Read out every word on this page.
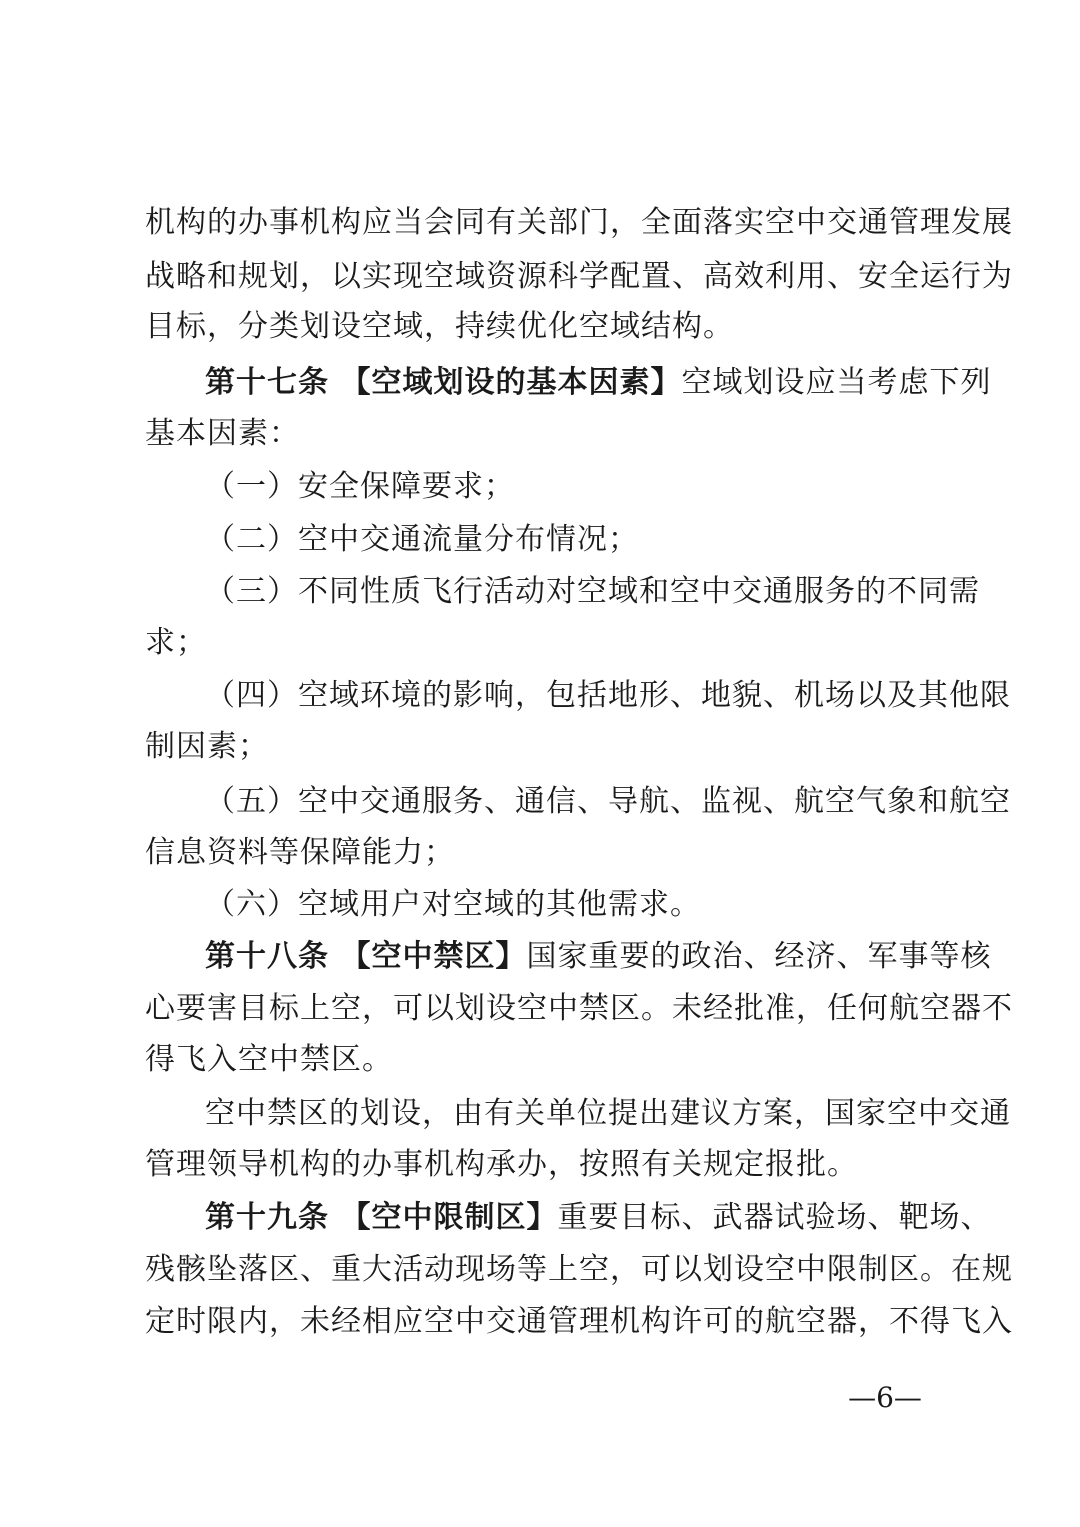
机构的办事机构应当会同有关部门，全面落实空中交通管理发展
战略和规划，以实现空域资源科学配置、高效利用、安全运行为
目标，分类划设空域，持续优化空域结构。
第十七条 【空域划设的基本因素】空域划设应当考虑下列
基本因素：
（一）安全保障要求；
（二）空中交通流量分布情况；
（三）不同性质飞行活动对空域和空中交通服务的不同需
求；
（四）空域环境的影响，包括地形、地貌、机场以及其他限
制因素；
（五）空中交通服务、通信、导航、监视、航空气象和航空
信息资料等保障能力；
（六）空域用户对空域的其他需求。
第十八条 【空中禁区】国家重要的政治、经济、军事等核
心要害目标上空，可以划设空中禁区。未经批准，任何航空器不
得飞入空中禁区。
空中禁区的划设，由有关单位提出建议方案，国家空中交通
管理领导机构的办事机构承办，按照有关规定报批。
第十九条 【空中限制区】重要目标、武器试验场、靶场、
残骸坠落区、重大活动现场等上空，可以划设空中限制区。在规
定时限内，未经相应空中交通管理机构许可的航空器，不得飞入
—6—
